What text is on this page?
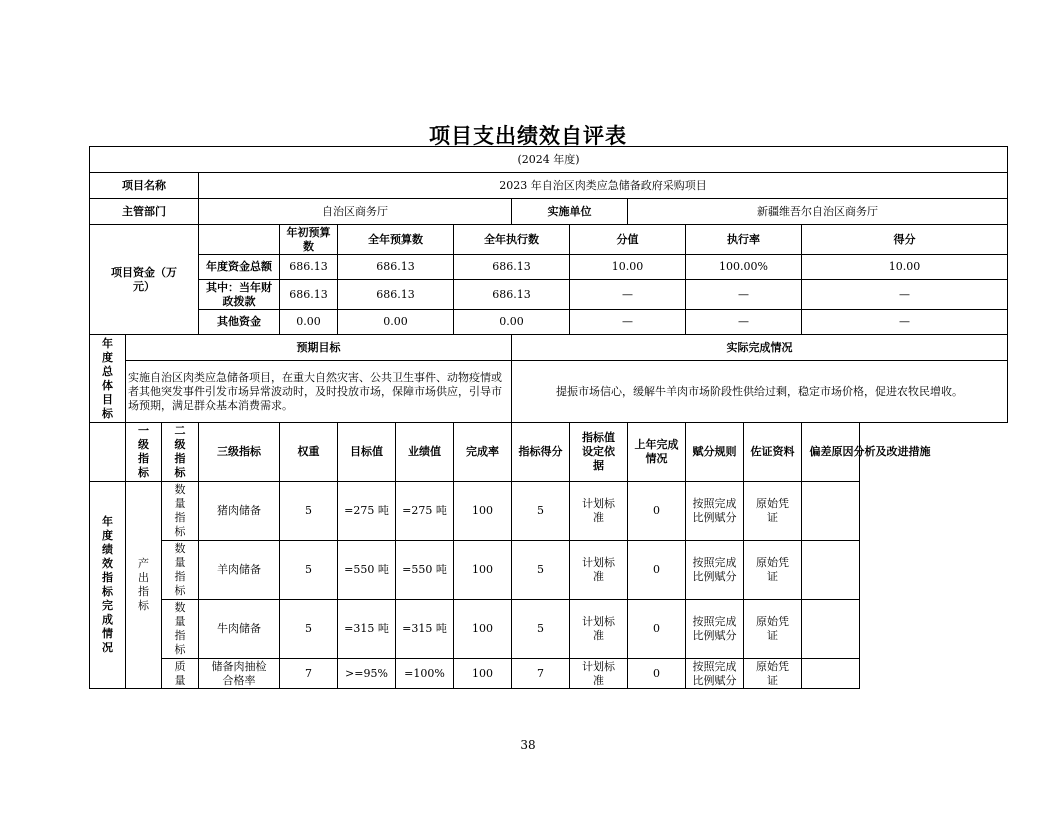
项目支出绩效自评表
(2024 年度)													
项目名称			2023 年自治区肉类应急储备政府采购项目										
主管部门			自治区商务厅					实施单位		新疆维吾尔自治区商务厅			
项目资金（万元）				年初预算数	全年预算数		全年执行数		分值		执行率		得分
			年度资金总额	686.13	686.13		686.13		10.00		100.00%		10.00
			其中：当年财政拨款	686.13	686.13		686.13		—		—		—
			其他资金	0.00	0.00		0.00		—		—		—
年度总体目标	预期目标							实际完成情况					
	实施自治区肉类应急储备项目，在重大自然灾害、公共卫生事件、动物疫情或者其他突发事件引发市场异常波动时，及时投放市场，保障市场供应，引导市场预期，满足群众基本消费需求。							提振市场信心，缓解牛羊肉市场阶段性供给过剩，稳定市场价格，促进农牧民增收。					
	一级指标	二级指标	三级指标	权重	目标值	业绩值	完成率	指标得分	指标值设定依据	上年完成情况	赋分规则	佐证资料	偏差原因分析及改进措施
年度绩效指标完成情况	产出指标	数量指标	猪肉储备	5	=275 吨	=275 吨	100	5	计划标准	0	按照完成比例赋分	原始凭证	
		数量指标	羊肉储备	5	=550 吨	=550 吨	100	5	计划标准	0	按照完成比例赋分	原始凭证	
		数量指标	牛肉储备	5	=315 吨	=315 吨	100	5	计划标准	0	按照完成比例赋分	原始凭证	
		质量	储备肉抽检合格率	7	>=95%	=100%	100	7	计划标准	0	按照完成比例赋分	原始凭证	
38
